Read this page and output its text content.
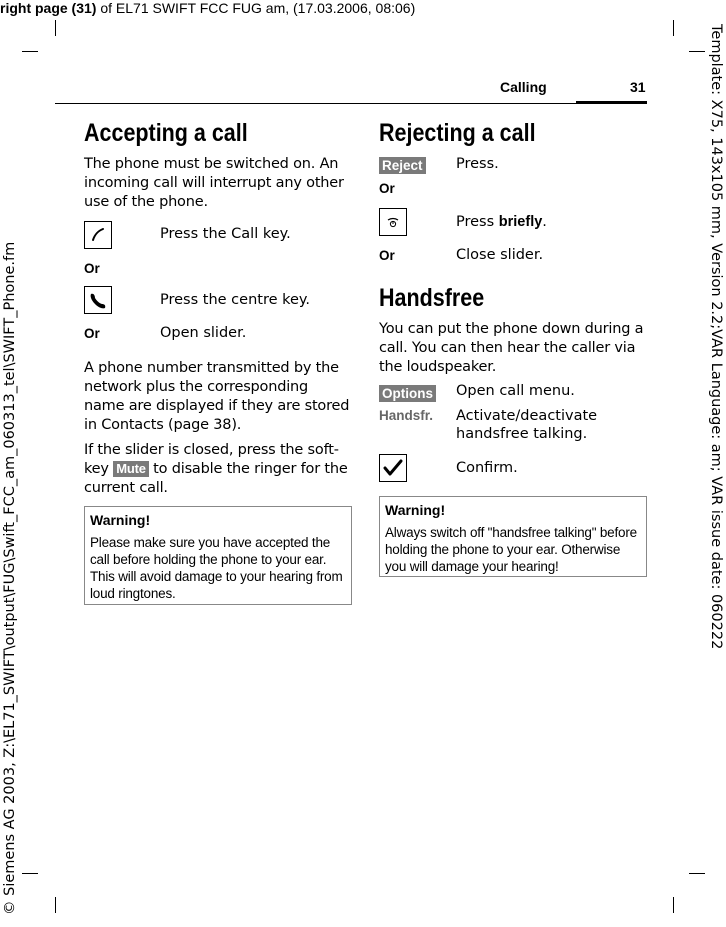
right page (31) of EL71 SWIFT FCC FUG am, (17.03.2006, 08:06)
© Siemens AG 2003, Z:\EL71_SWIFT\output\FUG\Swift_FCC_am_060313_tel\SWIFT_Phone.fm	Template: X75, 143x105 mm, Version 2.2;VAR Language: am; VAR issue date: 060222
Calling	31
Accepting a call
The phone must be switched on. An incoming call will interrupt any other use of the phone.
Press the Call key.
Or
Press the centre key.
Or	Open slider.
A phone number transmitted by the network plus the corresponding name are displayed if they are stored in Contacts (page 38).
If the slider is closed, press the soft-key Mute to disable the ringer for the current call.
Warning!
Please make sure you have accepted the call before holding the phone to your ear. This will avoid damage to your hearing from loud ringtones.
Rejecting a call
Reject Press.
Or
Press briefly.
Or	Close slider.
Handsfree
You can put the phone down during a call. You can then hear the caller via the loudspeaker.
Options Open call menu.
Handsfr. Activate/deactivate
handsfree talking.
Confirm.
Warning!
Always switch off "handsfree talking" before holding the phone to your ear. Otherwise you will damage your hearing!
